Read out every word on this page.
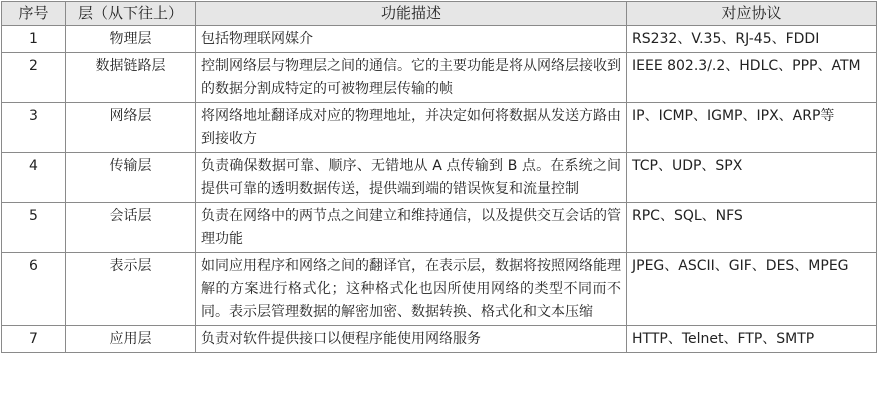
序号	层（从下往上）	功能描述	对应协议
1	物理层	包括物理联网媒介	RS232、V.35、RJ-45、FDDI
2	数据链路层	控制网络层与物理层之间的通信。它的主要功能是将从网络层接收到的数据分割成特定的可被物理层传输的帧	IEEE 802.3/.2、HDLC、PPP、ATM
3	网络层	将网络地址翻译成对应的物理地址，并决定如何将数据从发送方路由到接收方	IP、ICMP、IGMP、IPX、ARP等
4	传输层	负责确保数据可靠、顺序、无错地从 A 点传输到 B 点。在系统之间提供可靠的透明数据传送，提供端到端的错误恢复和流量控制	TCP、UDP、SPX
5	会话层	负责在网络中的两节点之间建立和维持通信，以及提供交互会话的管理功能	RPC、SQL、NFS
6	表示层	如同应用程序和网络之间的翻译官，在表示层，数据将按照网络能理解的方案进行格式化；这种格式化也因所使用网络的类型不同而不同。表示层管理数据的解密加密、数据转换、格式化和文本压缩	JPEG、ASCII、GIF、DES、MPEG
7	应用层	负责对软件提供接口以便程序能使用网络服务	HTTP、Telnet、FTP、SMTP
